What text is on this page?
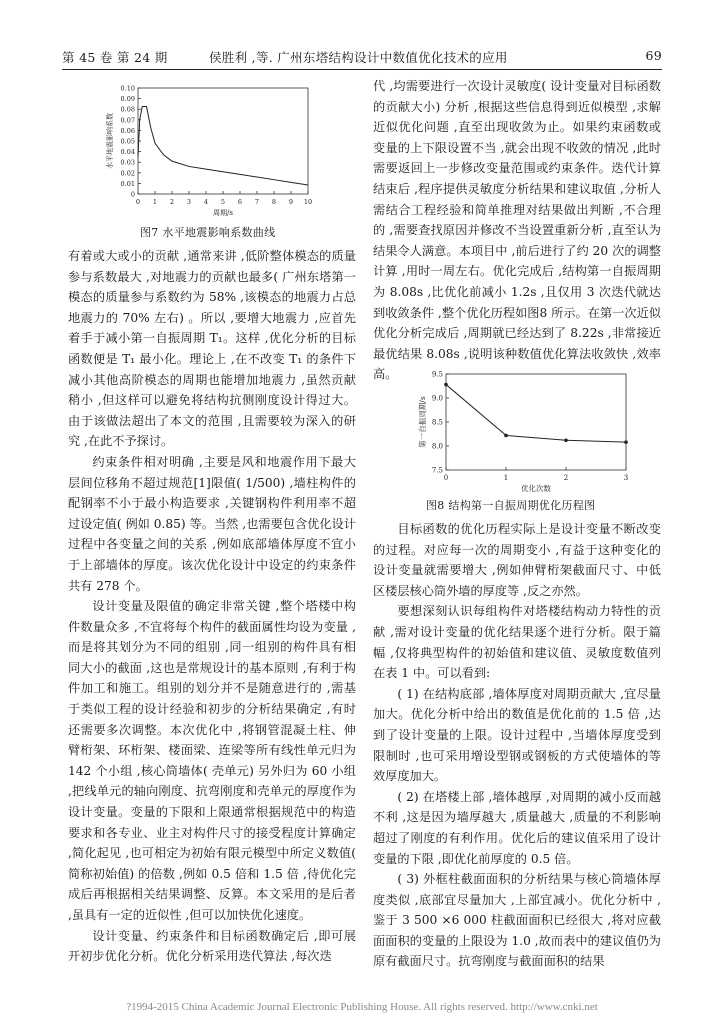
第 45 卷 第 24 期	侯胜利 ,等. 广州东塔结构设计中数值优化技术的应用	69
0 1 2 3 4 5 6 7 8 9 10
0
0.01
0.02
0.03
0.04
0.05
0.06
0.07
0.08
0.09
0.10
周期/s
水平地震影响系数
图7 水平地震影响系数曲线

有着或大或小的贡献 ,通常来讲 ,低阶整体模态的质量参与系数最大 ,对地震力的贡献也最多( 广州东塔第一模态的质量参与系数约为 58% ,该模态的地震力占总地震力的 70% 左右) 。所以 ,要增大地震力 ,应首先着手于减小第一自振周期 T₁。这样 ,优化分析的目标函数便是 T₁ 最小化。理论上 ,在不改变 T₁ 的条件下减小其他高阶模态的周期也能增加地震力 ,虽然贡献稍小 ,但这样可以避免将结构抗侧刚度设计得过大。由于该做法超出了本文的范围 ,且需要较为深入的研究 ,在此不予探讨。

约束条件相对明确 ,主要是风和地震作用下最大层间位移角不超过规范[1]限值( 1/500) ,墙柱构件的配钢率不小于最小构造要求 ,关键钢构件利用率不超过设定值( 例如 0.85) 等。当然 ,也需要包含优化设计过程中各变量之间的关系 ,例如底部墙体厚度不宜小于上部墙体的厚度。该次优化设计中设定的约束条件共有 278 个。

设计变量及限值的确定非常关键 ,整个塔楼中构件数量众多 ,不宜将每个构件的截面属性均设为变量 ,而是将其划分为不同的组别 ,同一组别的构件具有相同大小的截面 ,这也是常规设计的基本原则 ,有利于构件加工和施工。组别的划分并不是随意进行的 ,需基于类似工程的设计经验和初步的分析结果确定 ,有时还需要多次调整。本次优化中 ,将钢管混凝土柱、伸臂桁架、环桁架、楼面梁、连梁等所有线性单元归为 142 个小组 ,核心筒墙体( 壳单元) 另外归为 60 小组 ,把线单元的轴向刚度、抗弯刚度和壳单元的厚度作为设计变量。变量的下限和上限通常根据规范中的构造要求和各专业、业主对构件尺寸的接受程度计算确定 ,简化起见 ,也可相定为初始有限元模型中所定义数值( 简称初始值) 的倍数 ,例如 0.5 倍和 1.5 倍 ,待优化完成后再根据相关结果调整、反算。本文采用的是后者 ,虽具有一定的近似性 ,但可以加快优化速度。

设计变量、约束条件和目标函数确定后 ,即可展开初步优化分析。优化分析采用迭代算法 ,每次迭

代 ,均需要进行一次设计灵敏度( 设计变量对目标函数的贡献大小) 分析 ,根据这些信息得到近似模型 ,求解近似优化问题 ,直至出现收敛为止。如果约束函数或变量的上下限设置不当 ,就会出现不收敛的情况 ,此时需要返回上一步修改变量范围或约束条件。迭代计算结束后 ,程序提供灵敏度分析结果和建议取值 ,分析人需结合工程经验和简单推理对结果做出判断 ,不合理的 ,需要查找原因并修改不当设置重新分析 ,直至认为结果令人满意。本项目中 ,前后进行了约 20 次的调整计算 ,用时一周左右。优化完成后 ,结构第一自振周期为 8.08s ,比优化前减小 1.2s ,且仅用 3 次迭代就达到收敛条件 ,整个优化历程如图8 所示。在第一次近似优化分析完成后 ,周期就已经达到了 8.22s ,非常接近最优结果 8.08s ,说明该种数值优化算法收敛快 ,效率高。

0	1	2	3
7.5
8.0
8.5
9.0
9.5
优化次数
第一自振周期/s
图8 结构第一自振周期优化历程图

目标函数的优化历程实际上是设计变量不断改变的过程。对应每一次的周期变小 ,有益于这种变化的设计变量就需要增大 ,例如伸臂桁架截面尺寸、中低区楼层核心筒外墙的厚度等 ,反之亦然。

要想深刻认识每组构件对塔楼结构动力特性的贡献 ,需对设计变量的优化结果逐个进行分析。限于篇幅 ,仅将典型构件的初始值和建议值、灵敏度数值列在表 1 中。可以看到:

( 1) 在结构底部 ,墙体厚度对周期贡献大 ,宜尽量加大。优化分析中给出的数值是优化前的 1.5 倍 ,达到了设计变量的上限。设计过程中 ,当墙体厚度受到限制时 ,也可采用增设型钢或钢板的方式使墙体的等效厚度加大。

( 2) 在塔楼上部 ,墙体越厚 ,对周期的减小反而越不利 ,这是因为墙厚越大 ,质量越大 ,质量的不利影响超过了刚度的有利作用。优化后的建议值采用了设计变量的下限 ,即优化前厚度的 0.5 倍。

( 3) 外框柱截面面积的分析结果与核心筒墙体厚度类似 ,底部宜尽量加大 ,上部宜减小。优化分析中 ,鉴于 3 500 ×6 000 柱截面面积已经很大 ,将对应截面面积的变量的上限设为 1.0 ,故而表中的建议值仍为原有截面尺寸。抗弯刚度与截面面积的结果

?1994-2015 China Academic Journal Electronic Publishing House. All rights reserved. http://www.cnki.net
